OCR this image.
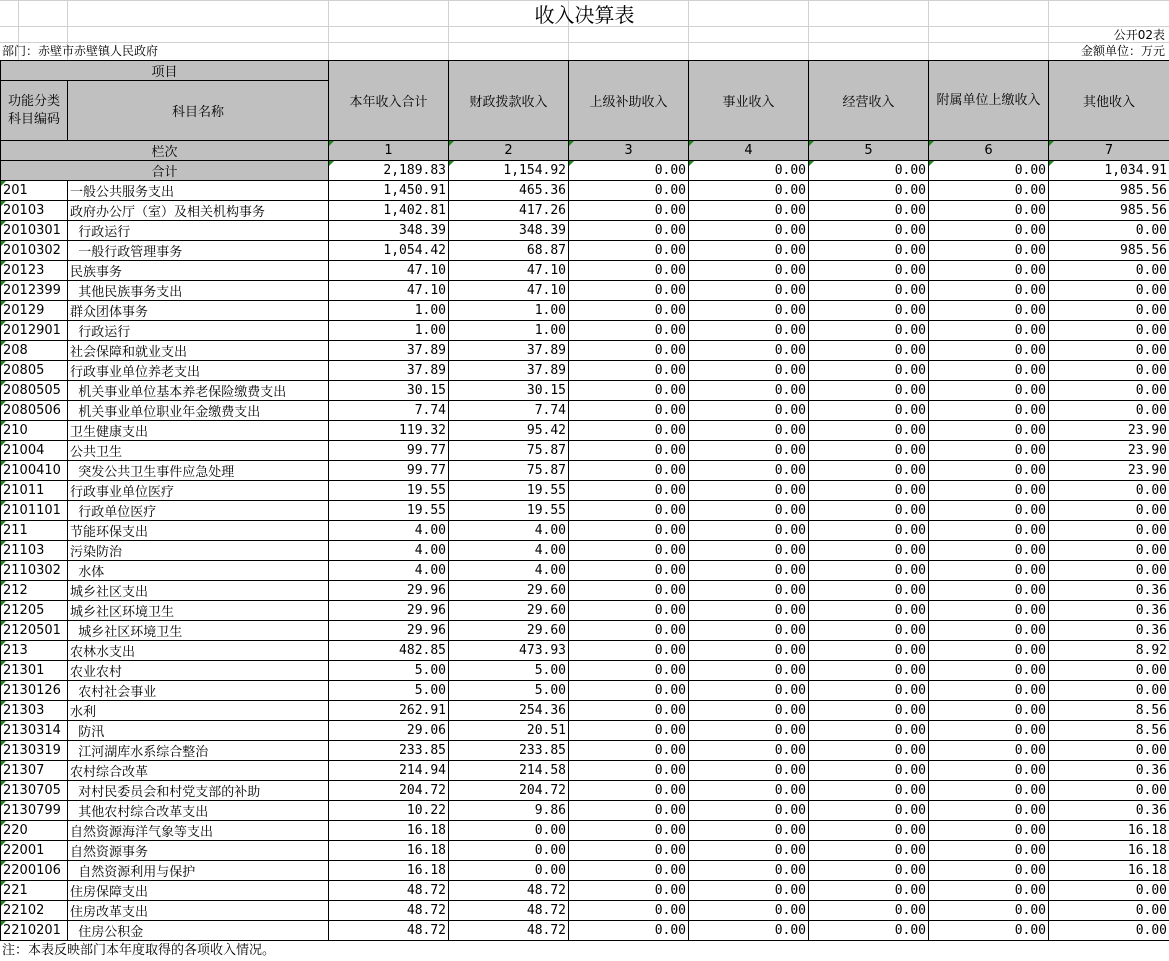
收入决算表
公开02表
部门：赤壁市赤壁镇人民政府	金额单位：万元
项目		本年收入合计	财政拨款收入	上级补助收入	事业收入	经营收入	附属单位上缴收入	其他收入
功能分类科目编码	科目名称							
栏次		1	2	3	4	5	6	7
合计		2,189.83	1,154.92	0.00	0.00	0.00	0.00	1,034.91
201	一般公共服务支出	1,450.91	465.36	0.00	0.00	0.00	0.00	985.56
20103	政府办公厅（室）及相关机构事务	1,402.81	417.26	0.00	0.00	0.00	0.00	985.56
2010301	行政运行	348.39	348.39	0.00	0.00	0.00	0.00	0.00
2010302	一般行政管理事务	1,054.42	68.87	0.00	0.00	0.00	0.00	985.56
20123	民族事务	47.10	47.10	0.00	0.00	0.00	0.00	0.00
2012399	其他民族事务支出	47.10	47.10	0.00	0.00	0.00	0.00	0.00
20129	群众团体事务	1.00	1.00	0.00	0.00	0.00	0.00	0.00
2012901	行政运行	1.00	1.00	0.00	0.00	0.00	0.00	0.00
208	社会保障和就业支出	37.89	37.89	0.00	0.00	0.00	0.00	0.00
20805	行政事业单位养老支出	37.89	37.89	0.00	0.00	0.00	0.00	0.00
2080505	机关事业单位基本养老保险缴费支出	30.15	30.15	0.00	0.00	0.00	0.00	0.00
2080506	机关事业单位职业年金缴费支出	7.74	7.74	0.00	0.00	0.00	0.00	0.00
210	卫生健康支出	119.32	95.42	0.00	0.00	0.00	0.00	23.90
21004	公共卫生	99.77	75.87	0.00	0.00	0.00	0.00	23.90
2100410	突发公共卫生事件应急处理	99.77	75.87	0.00	0.00	0.00	0.00	23.90
21011	行政事业单位医疗	19.55	19.55	0.00	0.00	0.00	0.00	0.00
2101101	行政单位医疗	19.55	19.55	0.00	0.00	0.00	0.00	0.00
211	节能环保支出	4.00	4.00	0.00	0.00	0.00	0.00	0.00
21103	污染防治	4.00	4.00	0.00	0.00	0.00	0.00	0.00
2110302	水体	4.00	4.00	0.00	0.00	0.00	0.00	0.00
212	城乡社区支出	29.96	29.60	0.00	0.00	0.00	0.00	0.36
21205	城乡社区环境卫生	29.96	29.60	0.00	0.00	0.00	0.00	0.36
2120501	城乡社区环境卫生	29.96	29.60	0.00	0.00	0.00	0.00	0.36
213	农林水支出	482.85	473.93	0.00	0.00	0.00	0.00	8.92
21301	农业农村	5.00	5.00	0.00	0.00	0.00	0.00	0.00
2130126	农村社会事业	5.00	5.00	0.00	0.00	0.00	0.00	0.00
21303	水利	262.91	254.36	0.00	0.00	0.00	0.00	8.56
2130314	防汛	29.06	20.51	0.00	0.00	0.00	0.00	8.56
2130319	江河湖库水系综合整治	233.85	233.85	0.00	0.00	0.00	0.00	0.00
21307	农村综合改革	214.94	214.58	0.00	0.00	0.00	0.00	0.36
2130705	对村民委员会和村党支部的补助	204.72	204.72	0.00	0.00	0.00	0.00	0.00
2130799	其他农村综合改革支出	10.22	9.86	0.00	0.00	0.00	0.00	0.36
220	自然资源海洋气象等支出	16.18	0.00	0.00	0.00	0.00	0.00	16.18
22001	自然资源事务	16.18	0.00	0.00	0.00	0.00	0.00	16.18
2200106	自然资源利用与保护	16.18	0.00	0.00	0.00	0.00	0.00	16.18
221	住房保障支出	48.72	48.72	0.00	0.00	0.00	0.00	0.00
22102	住房改革支出	48.72	48.72	0.00	0.00	0.00	0.00	0.00
2210201	住房公积金	48.72	48.72	0.00	0.00	0.00	0.00	0.00
注：本表反映部门本年度取得的各项收入情况。
